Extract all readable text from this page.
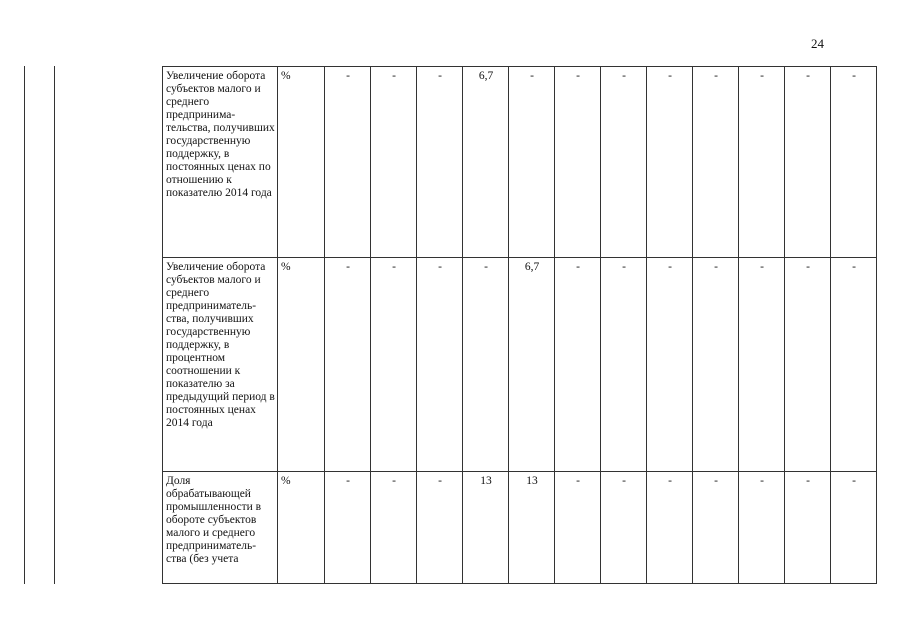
24
Увеличение оборота субъектов малого и среднего предпринима-тельства, получивших государственную поддержку, в постоянных ценах по отношению к показателю 2014 года	%	-	-	-	6,7	-	-	-	-	-	-	-	-
Увеличение оборота субъектов малого и среднего предприниматель-ства, получивших государственную поддержку, в процентном соотношении к показателю за предыдущий период в постоянных ценах 2014 года	%	-	-	-	-	6,7	-	-	-	-	-	-	-

Доля обрабатывающей промышленности в обороте субъектов малого и среднего предприниматель-ства (без учета	%	-	-	-	13	13	-	-	-	-	-	-	-
